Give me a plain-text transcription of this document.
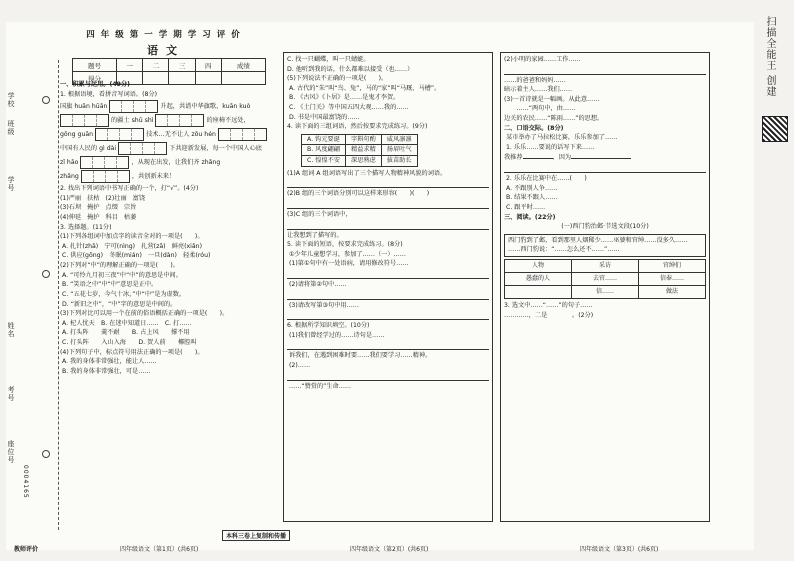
扫描全能王 创建
学校
班级
学号
姓名
考号
座位号
0004165
四年级第一学期学习评价
语文
题号	一	二	三	四	成绩
得分					
一、积累与运用。(49分)
1. 根据语境，看拼音写词语。(8分)
国旗 huān hūān	升起，共谱中华旗歌，kuān kuò
的疆土 shū shì	的座椅不远处，
gōng guān	技术…无不让人 zōu hén
中国有人民的 gì dài	下共迎新发展，每一个中国人心底
zǐ hāo	，从现在出发，让我们齐 zhǎng
zhǎng	，共创新未来！
2. 找出下列词语中书写正确的一个，打“√”。(4分)
(1)严丽 扶枯 (2)壮丽 富饶
(3)石坝 掩护 点缀 宗旨
(4)伸延 掩护 科目 枯萎
3. 选择题。(11分)
(1)下列各组词中加点字的读音全对的一项是(　　)。
A. 扎针(zhā)　宁可(nìng)　扎营(zā)　鲜亮(xiǎn)
C. 供应(gōng)　冬眠(mián)　一旦(dàn)　轻柔(róu)
(2)下列对“中”的理解正确的一项是(　　)。
A. “可怜九月初三夜”中“中”的意思是中间。
B. “笑语之中”中“中”意思是正中。
C. “五花七岁，今气十冰，”中“中”是为虚数。
D. “新旧之中”，“中”字的意思是中间的。
(3)下列对比可以用一个在前的俗语概括正确的一项是(　　)。
A. 杞人忧天　B. 在迷中知道日……　C. 打……
A. 打头阵　　羹不耐　　B. 占上风　　撑不用
C. 打头阵　　入山入海　　D. 贺人前　　椰腔叫
(4)下列句子中，标点符号用法正确的一项是(　　)。
A. 我的身体非常强壮，能让人……
B. 我的身体非常强壮，可是……
C. 找一只蝴蝶，叫一只蜻蜓。
D. 他听到我的话，什么都难以接受（也……）
(5)下列说法不正确的一项是(　　)。
A. 古代的“朱”叫“鸟、兔”，马的“家”叫“马厩、马槽”。
B. 《古风》《卜居》是……是鬼才李贺。
C. 《土门关》等中国五四大观……我的……
D. 书是中国最富饶的……
4. 读下面的三组词语，然后按要求完成练习。(9分)
A. 钩元要诞	字斟句酌	威风凛凛
B. 风度翩翩	精益求精	扬眉吐气
C. 惶惶不安	深思熟虑	拔苗助长
(1)A 组词 A 组词语写出了三个描写人物精神风貌的词语。
(2)B 组的三个词语分别可以这样来形容(　　)(　　)
(3)C 组的三个词语中，
让我想到了描写的。
5. 读下面的短语，按要求完成练习。(8分)
①少年儿童想学习，参加了……（一）……
(1)第①句中有一处语病，请用修改符号……
(2)请将第②句中……
(3)请改写第③句中用……
6. 根据所学知识填空。(10分)
(1)我们曾经学过的……诗句是……
诉我们，在遇到困难时要……我们要学习……精神。
(2)……
……“赞赏的”生命……
(2)小明的家园……工作……
……的爸爸和妈妈……
暗示着主人……我们……
(3)一首诗就是一幅画。从此意……
　　……“两句中，由……
边关的农民……“陈雨……”的思想。
二、口语交际。(8分)
某市举办了马拉松比赛，乐乐参加了……
1. 乐乐……要说的话写下来……
我推荐	，因为
2. 乐乐在比赛中在……(　　)
A. 不跟别人争……
B. 结果不跟人……
C. 跟平时……
三、阅读。(22分)
(一)西门豹治邺·节选文段(10分)
西门豹到了邺，看到那里人烟稀少……巫婆和官绅……没多久……
……西门豹说：“……怎么还不……”……
人物	采访	官绅们
愚蠢的人	去官……	信奉……
	信……	做法
3. 选文中……“……”的句子……
…………，二是　　　　。(2分)
教师评价	四年级语文（第1页）(共6页)
本科三卷上复制和传播
四年级语文（第2页）(共6页)	四年级语文（第3页）(共6页)
